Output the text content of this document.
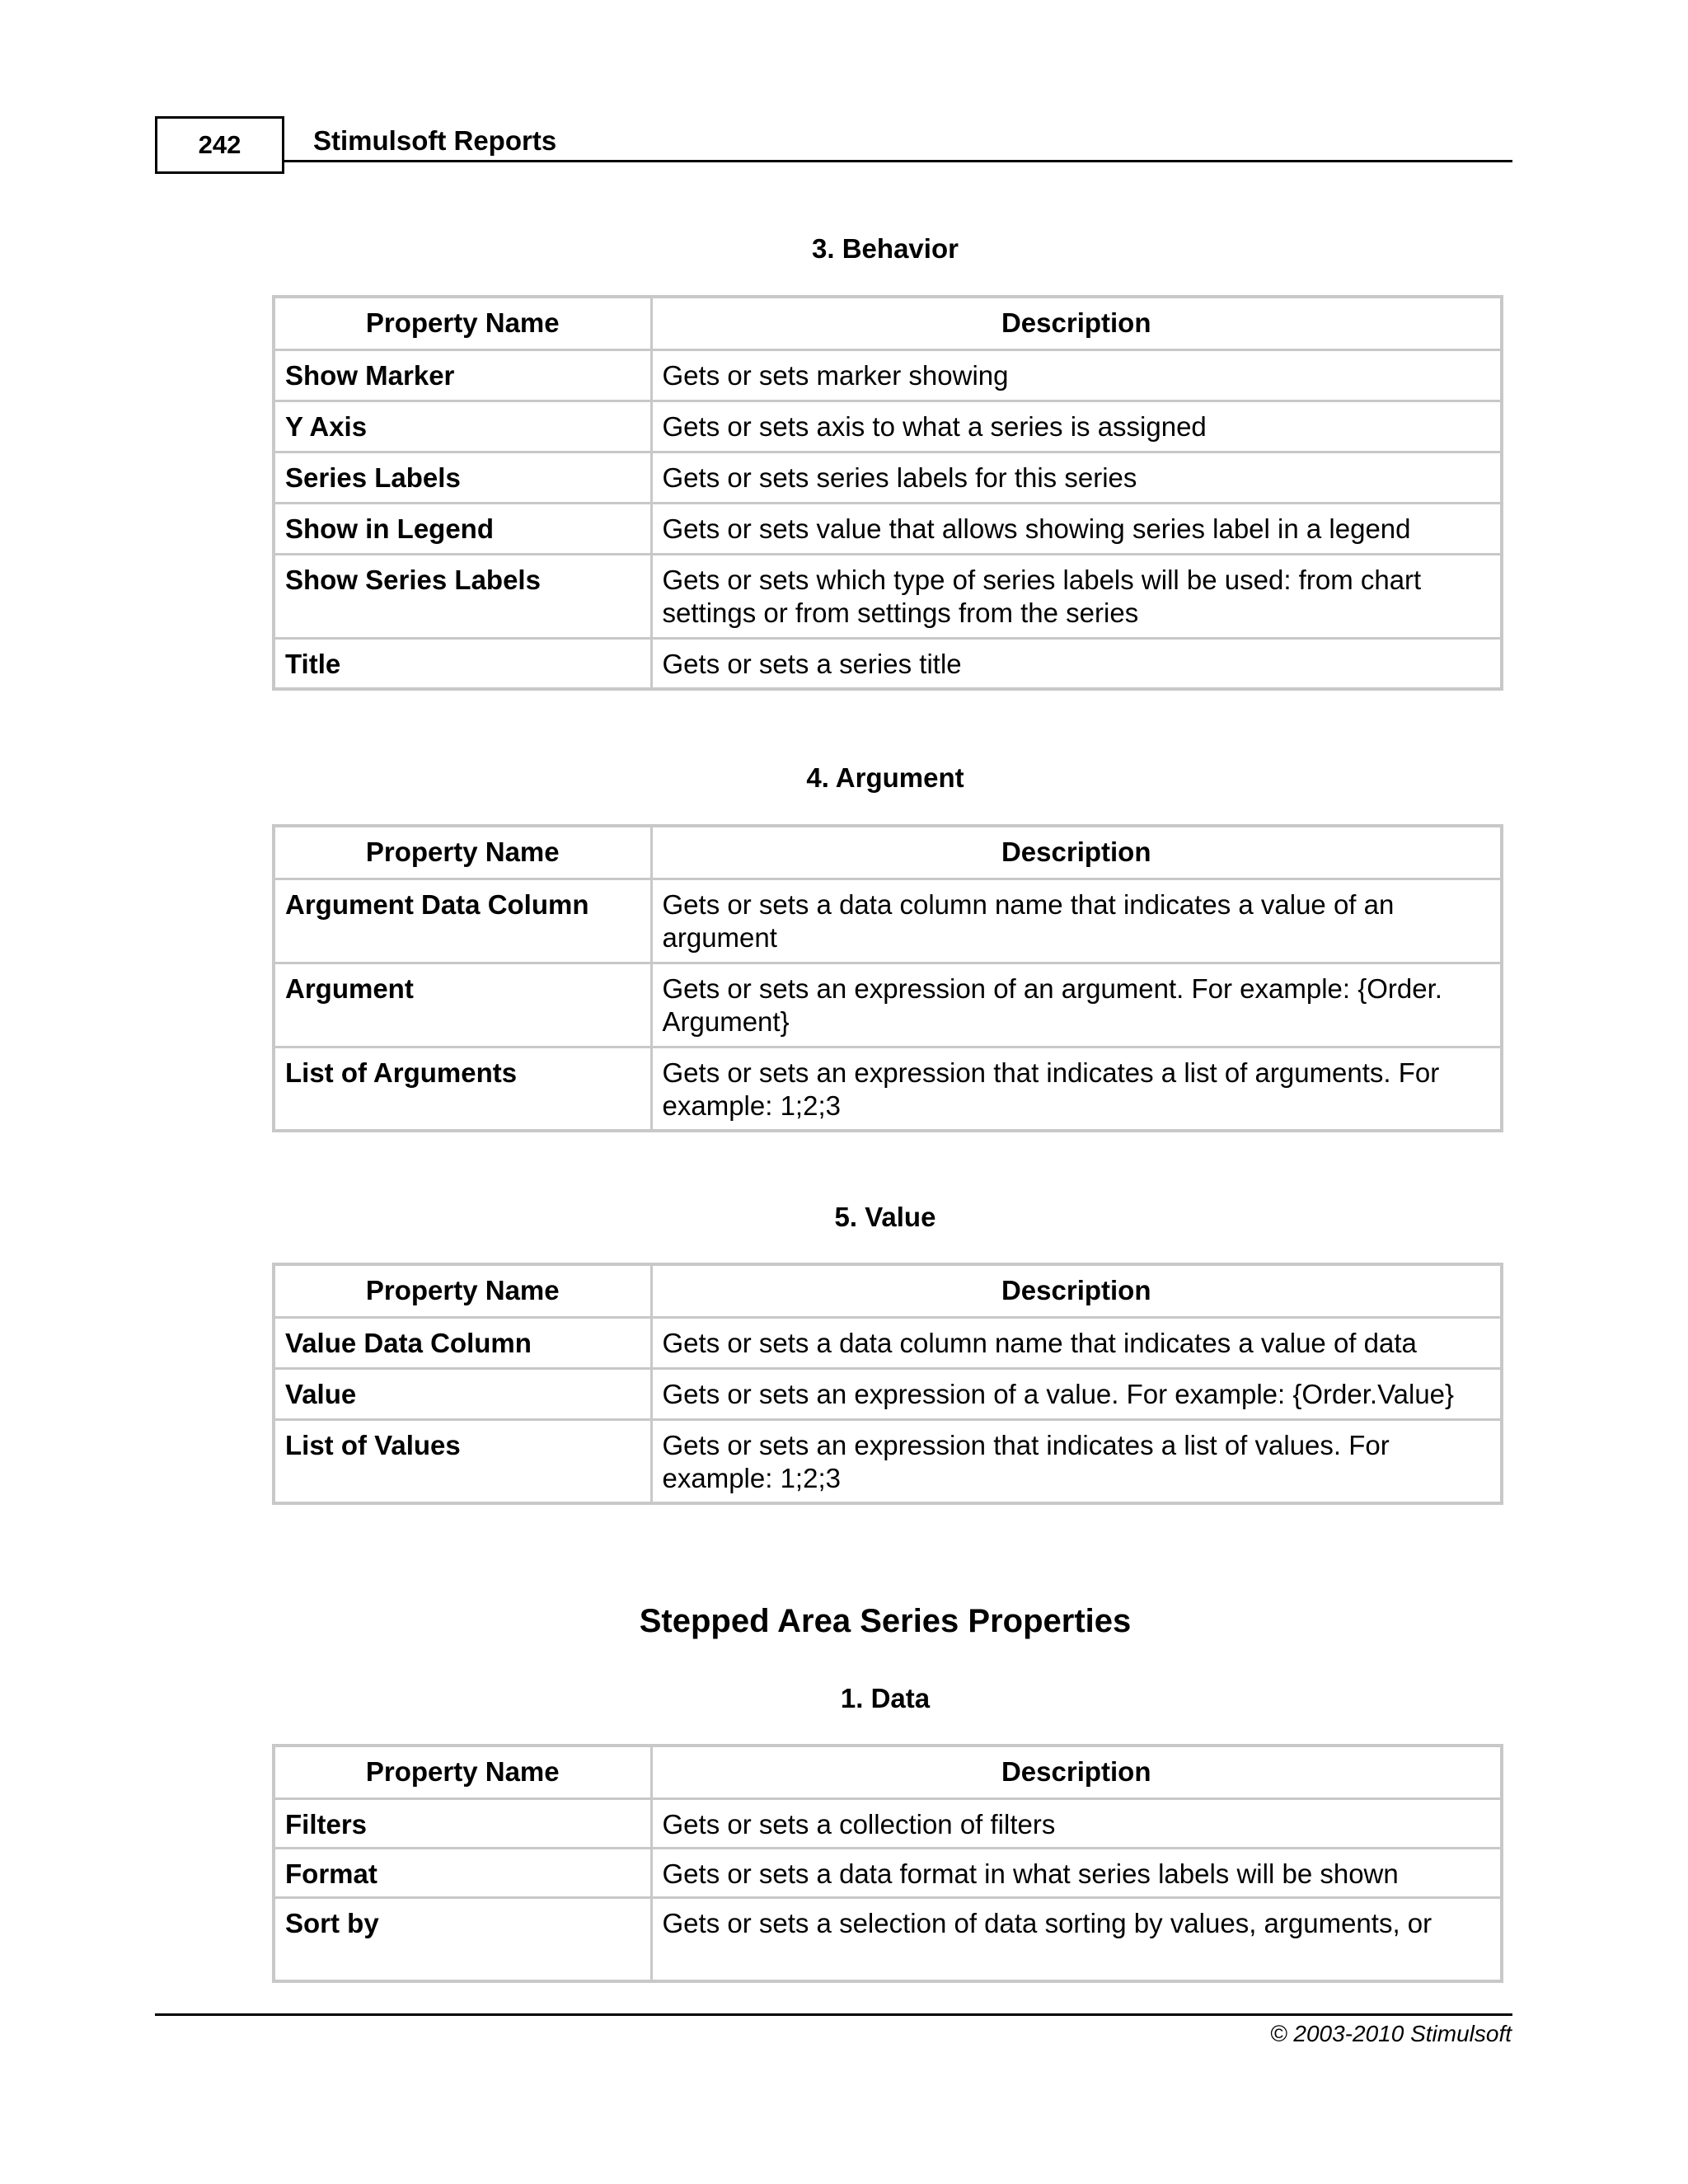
242	Stimulsoft Reports
3. Behavior
Property Name	Description
Show Marker	Gets or sets marker showing
Y Axis	Gets or sets axis to what a series is assigned
Series Labels	Gets or sets series labels for this series
Show in Legend	Gets or sets value that allows showing series label in a legend
Show Series Labels	Gets or sets which type of series labels will be used: from chart settings or from settings from the series
Title	Gets or sets a series title
4. Argument
Property Name	Description
Argument Data Column	Gets or sets a data column name that indicates a value of an argument
Argument	Gets or sets an expression of an argument. For example: {Order. Argument}
List of Arguments	Gets or sets an expression that indicates a list of arguments. For example: 1;2;3
5. Value
Property Name	Description
Value Data Column	Gets or sets a data column name that indicates a value of data
Value	Gets or sets an expression of a value. For example: {Order.Value}
List of Values	Gets or sets an expression that indicates a list of values. For example: 1;2;3
Stepped Area Series Properties
1. Data
Property Name	Description
Filters	Gets or sets a collection of filters
Format	Gets or sets a data format in what series labels will be shown
Sort by	Gets or sets a selection of data sorting by values, arguments, or
© 2003-2010 Stimulsoft
